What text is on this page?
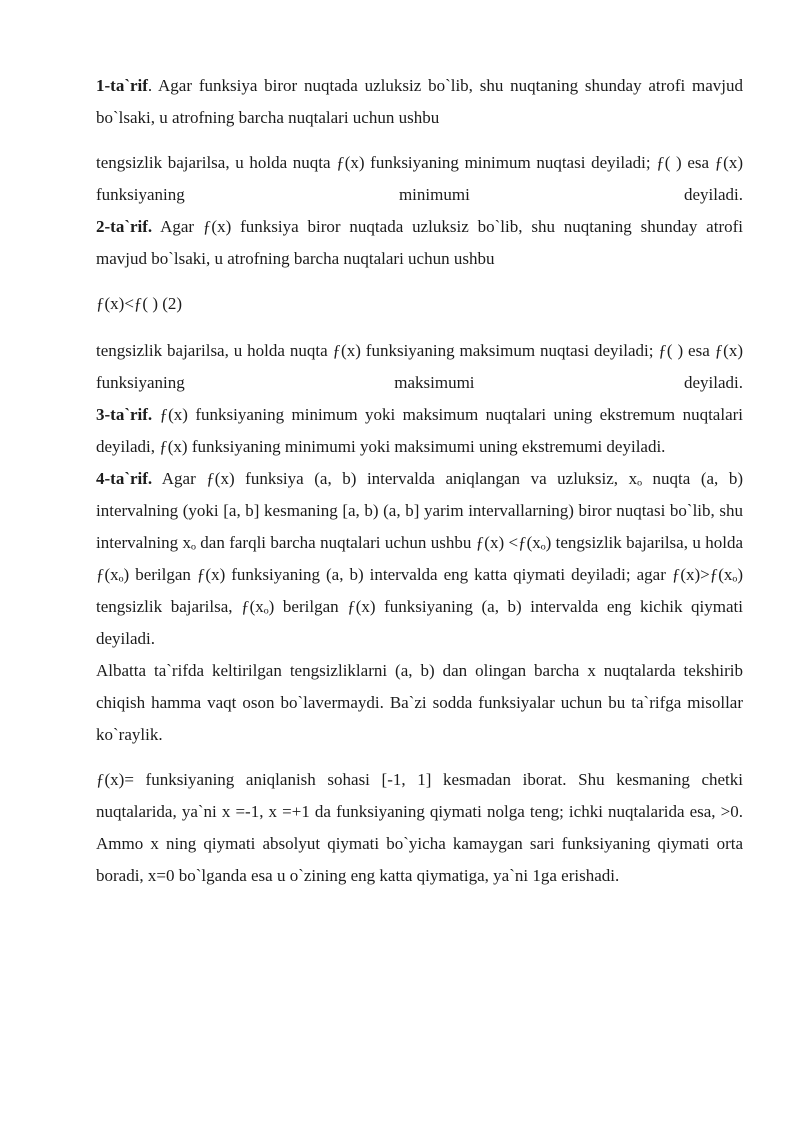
1-ta`rif. Agar funksiya biror nuqtada uzluksiz bo`lib, shu nuqtaning shunday atrofi mavjud bo`lsaki, u atrofning barcha nuqtalari uchun ushbu

tengsizlik bajarilsa, u holda nuqta ƒ(x) funksiyaning minimum nuqtasi deyiladi; ƒ( ) esa ƒ(x) funksiyaning minimumi deyiladi.

2-ta`rif. Agar ƒ(x) funksiya biror nuqtada uzluksiz bo`lib, shu nuqtaning shunday atrofi mavjud bo`lsaki, u atrofning barcha nuqtalari uchun ushbu

ƒ(x)<ƒ( ) (2)

tengsizlik bajarilsa, u holda nuqta ƒ(x) funksiyaning maksimum nuqtasi deyiladi; ƒ( ) esa ƒ(x) funksiyaning maksimumi deyiladi.

3-ta`rif. ƒ(x) funksiyaning minimum yoki maksimum nuqtalari uning ekstremum nuqtalari deyiladi, ƒ(x) funksiyaning minimumi yoki maksimumi uning ekstremumi deyiladi.

4-ta`rif. Agar ƒ(x) funksiya (a, b) intervalda aniqlangan va uzluksiz, xₒ nuqta (a, b) intervalning (yoki [a, b] kesmaning [a, b) (a, b] yarim intervallarning) biror nuqtasi bo`lib, shu intervalning xₒ dan farqli barcha nuqtalari uchun ushbu ƒ(x) <ƒ(xₒ) tengsizlik bajarilsa, u holda ƒ(xₒ) berilgan ƒ(x) funksiyaning (a, b) intervalda eng katta qiymati deyiladi; agar ƒ(x)>ƒ(xₒ) tengsizlik bajarilsa, ƒ(xₒ) berilgan ƒ(x) funksiyaning (a, b) intervalda eng kichik qiymati deyiladi.

Albatta ta`rifda keltirilgan tengsizliklarni (a, b) dan olingan barcha x nuqtalarda tekshirib chiqish hamma vaqt oson bo`lavermaydi. Ba`zi sodda funksiyalar uchun bu ta`rifga misollar ko`raylik.

ƒ(x)= funksiyaning aniqlanish sohasi [-1, 1] kesmadan iborat. Shu kesmaning chetki nuqtalarida, ya`ni x =-1, x =+1 da funksiyaning qiymati nolga teng; ichki nuqtalarida esa, >0. Ammo x ning qiymati absolyut qiymati bo`yicha kamaygan sari funksiyaning qiymati orta boradi, x=0 bo`lganda esa u o`zining eng katta qiymatiga, ya`ni 1ga erishadi.
